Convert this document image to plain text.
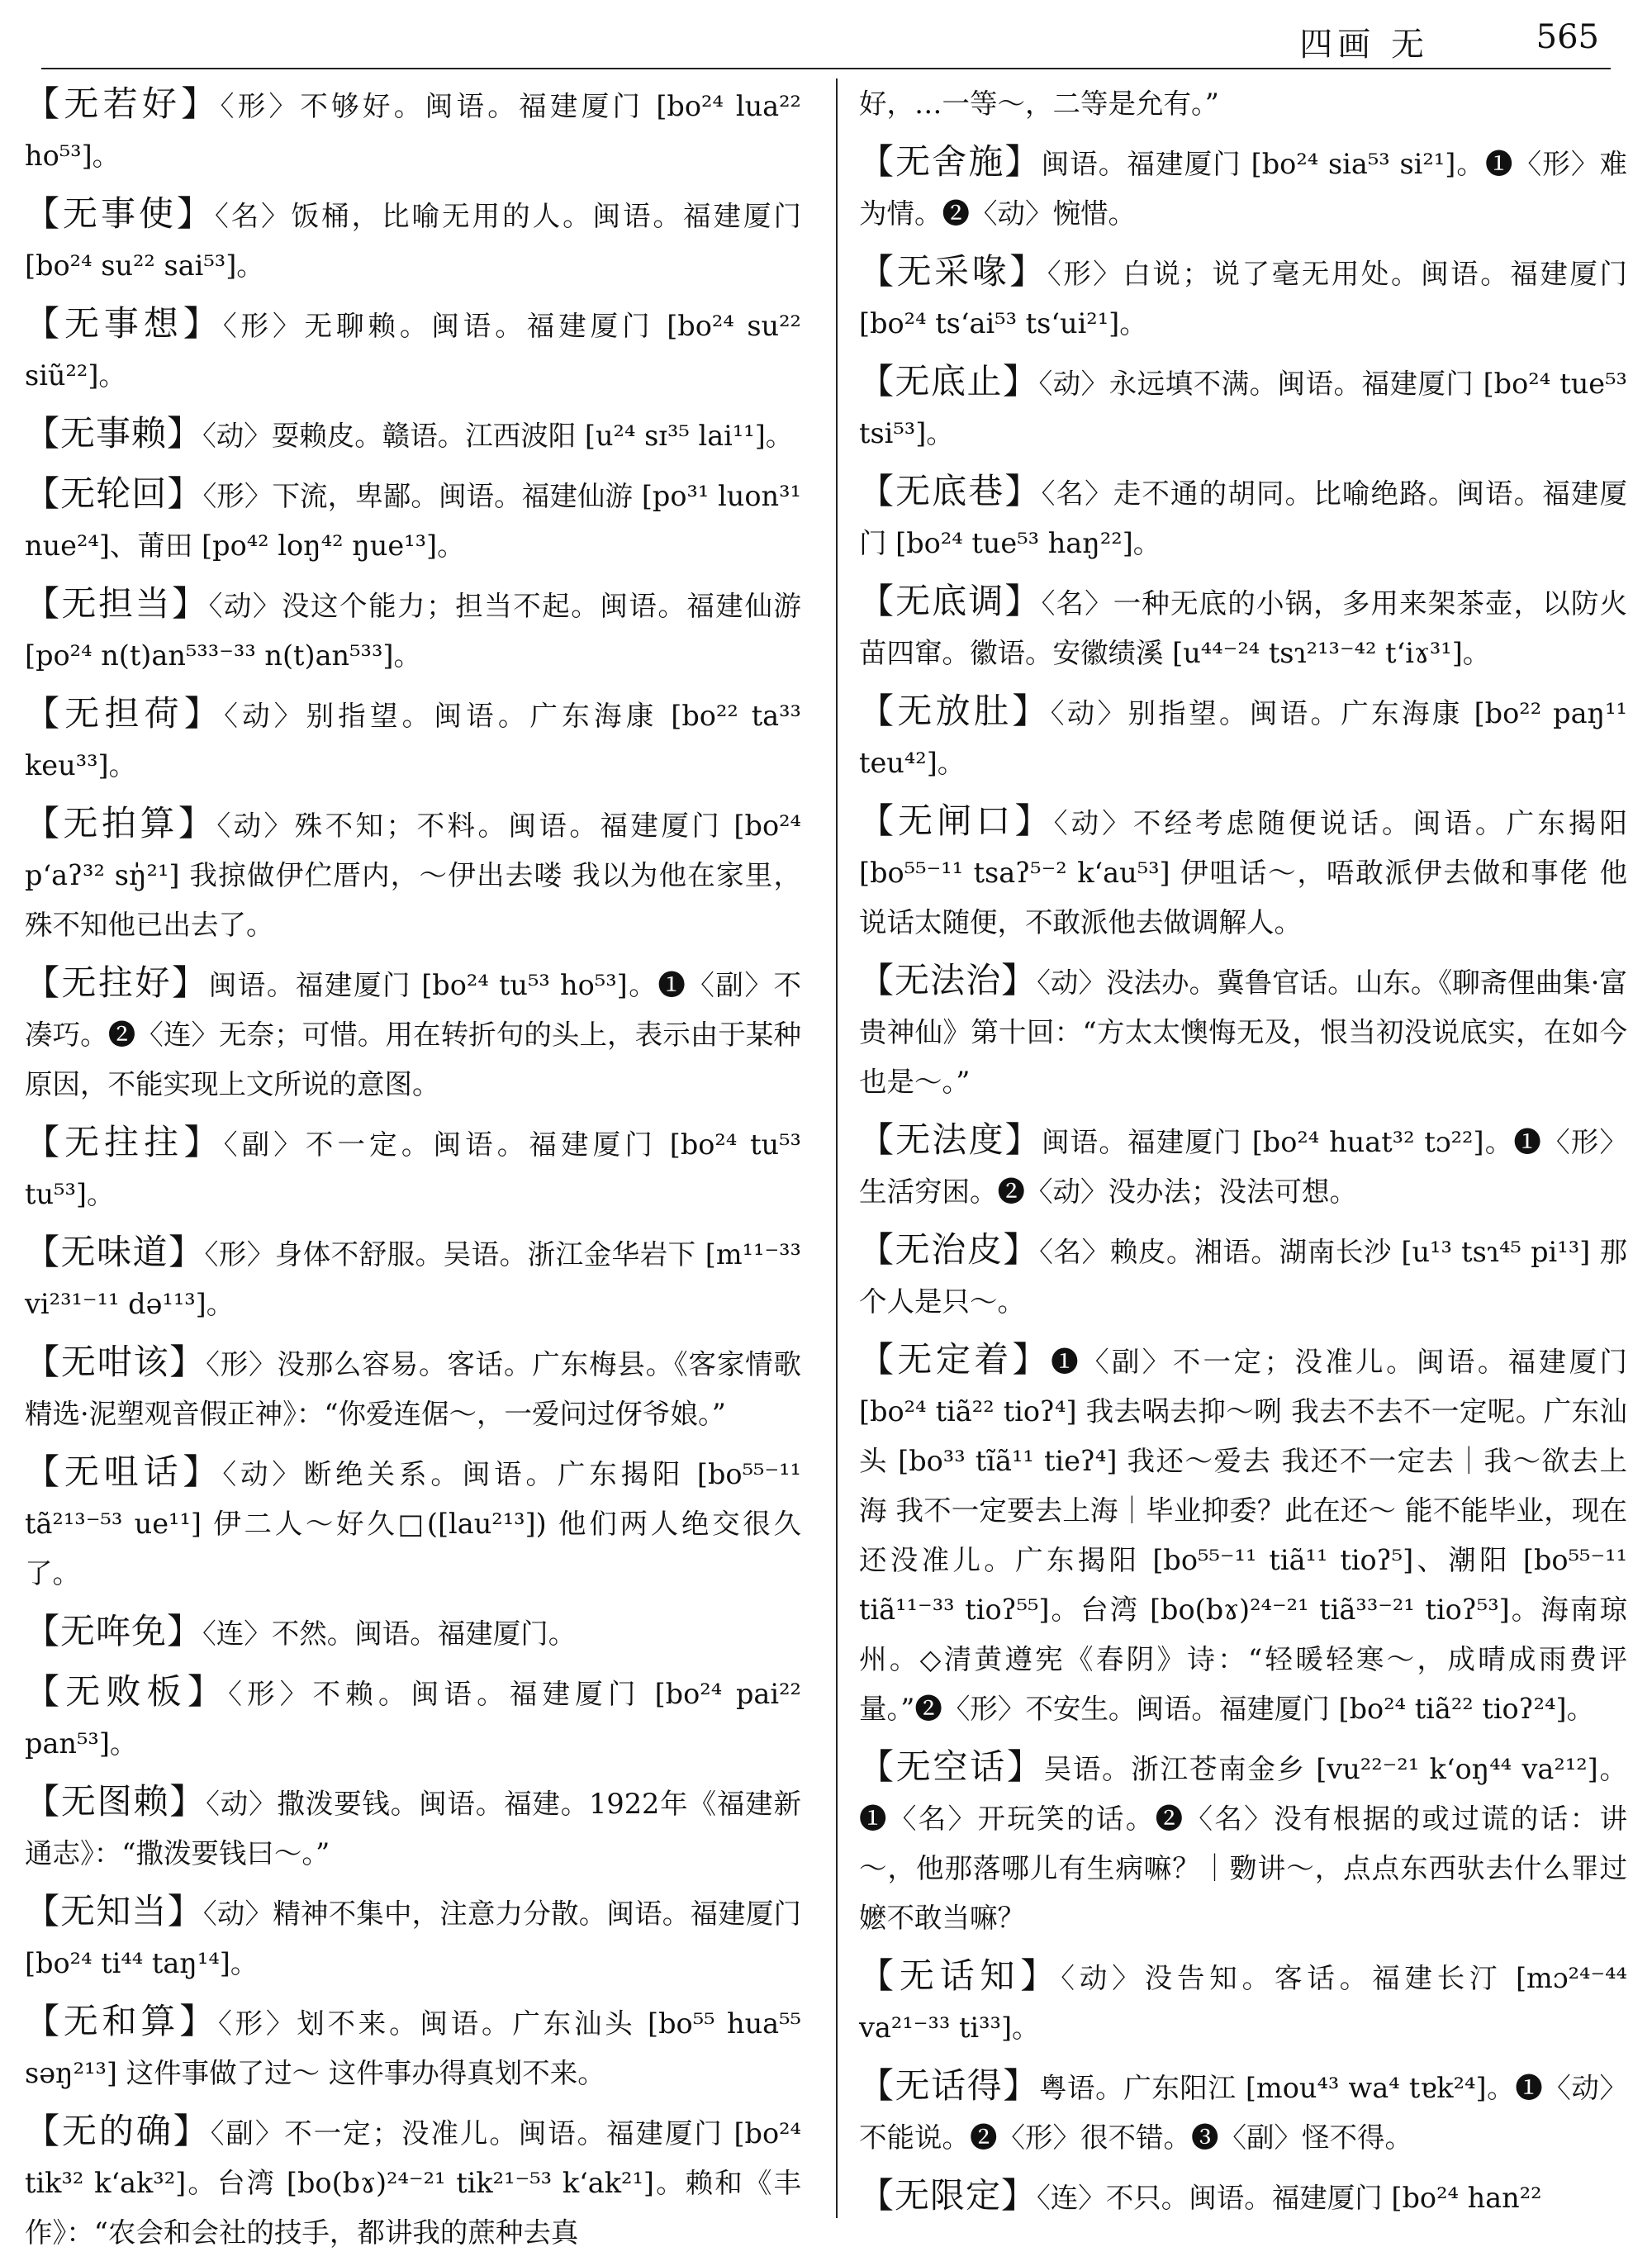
四画 无	565
【无若好】〈形〉不够好。闽语。福建厦门 [bo²⁴ lua²² ho⁵³]。
【无事使】〈名〉饭桶，比喻无用的人。闽语。福建厦门 [bo²⁴ su²² sai⁵³]。
【无事想】〈形〉无聊赖。闽语。福建厦门 [bo²⁴ su²² siũ²²]。
【无事赖】〈动〉耍赖皮。赣语。江西波阳 [u²⁴ sɪ³⁵ lai¹¹]。
【无轮回】〈形〉下流，卑鄙。闽语。福建仙游 [po³¹ luon³¹ nue²⁴]、莆田 [po⁴² loŋ⁴² ŋue¹³]。
【无担当】〈动〉没这个能力；担当不起。闽语。福建仙游 [po²⁴ n(t)an⁵³³⁻³³ n(t)an⁵³³]。
【无担荷】〈动〉别指望。闽语。广东海康 [bo²² ta³³ keu³³]。
【无拍算】〈动〉殊不知；不料。闽语。福建厦门 [bo²⁴ pʻaʔ³² sŋ̍²¹] 我掠做伊伫厝内，～伊出去喽 我以为他在家里，殊不知他已出去了。
【无拄好】闽语。福建厦门 [bo²⁴ tu⁵³ ho⁵³]。❶〈副〉不凑巧。❷〈连〉无奈；可惜。用在转折句的头上，表示由于某种原因，不能实现上文所说的意图。
【无拄拄】〈副〉不一定。闽语。福建厦门 [bo²⁴ tu⁵³ tu⁵³]。
【无味道】〈形〉身体不舒服。吴语。浙江金华岩下 [m¹¹⁻³³ vi²³¹⁻¹¹ də¹¹³]。
【无咁该】〈形〉没那么容易。客话。广东梅县。《客家情歌精选·泥塑观音假正神》：“你爱连倨～，一爱问过伢爷娘。”
【无咀话】〈动〉断绝关系。闽语。广东揭阳 [bo⁵⁵⁻¹¹ tã²¹³⁻⁵³ ue¹¹] 伊二人～好久□([lau²¹³]) 他们两人绝交很久了。
【无哖免】〈连〉不然。闽语。福建厦门。
【无败板】〈形〉不赖。闽语。福建厦门 [bo²⁴ pai²² pan⁵³]。
【无图赖】〈动〉撒泼要钱。闽语。福建。1922年《福建新通志》：“撒泼要钱曰～。”
【无知当】〈动〉精神不集中，注意力分散。闽语。福建厦门 [bo²⁴ ti⁴⁴ taŋ¹⁴]。
【无和算】〈形〉划不来。闽语。广东汕头 [bo⁵⁵ hua⁵⁵ səŋ²¹³] 这件事做了过～ 这件事办得真划不来。
【无的确】〈副〉不一定；没准儿。闽语。福建厦门 [bo²⁴ tik³² kʻak³²]。台湾 [bo(bɤ)²⁴⁻²¹ tik²¹⁻⁵³ kʻak²¹]。赖和《丰作》：“农会和会社的技手，都讲我的蔗种去真
好，…一等～，二等是允有。”
【无舍施】闽语。福建厦门 [bo²⁴ sia⁵³ si²¹]。❶〈形〉难为情。❷〈动〉惋惜。
【无采喙】〈形〉白说；说了毫无用处。闽语。福建厦门 [bo²⁴ tsʻai⁵³ tsʻui²¹]。
【无底止】〈动〉永远填不满。闽语。福建厦门 [bo²⁴ tue⁵³ tsi⁵³]。
【无底巷】〈名〉走不通的胡同。比喻绝路。闽语。福建厦门 [bo²⁴ tue⁵³ haŋ²²]。
【无底调】〈名〉一种无底的小锅，多用来架茶壶，以防火苗四窜。徽语。安徽绩溪 [u⁴⁴⁻²⁴ tsɿ²¹³⁻⁴² tʻiɤ³¹]。
【无放肚】〈动〉别指望。闽语。广东海康 [bo²² paŋ¹¹ teu⁴²]。
【无闸口】〈动〉不经考虑随便说话。闽语。广东揭阳 [bo⁵⁵⁻¹¹ tsaʔ⁵⁻² kʻau⁵³] 伊咀话～，唔敢派伊去做和事佬 他说话太随便，不敢派他去做调解人。
【无法治】〈动〉没法办。冀鲁官话。山东。《聊斋俚曲集·富贵神仙》第十回：“方太太懊悔无及，恨当初没说底实，在如今也是～。”
【无法度】闽语。福建厦门 [bo²⁴ huat³² tɔ²²]。❶〈形〉生活穷困。❷〈动〉没办法；没法可想。
【无治皮】〈名〉赖皮。湘语。湖南长沙 [u¹³ tsɿ⁴⁵ pi¹³] 那个人是只～。
【无定着】❶〈副〉不一定；没准儿。闽语。福建厦门 [bo²⁴ tiã²² tioʔ⁴] 我去㖞去抑～咧 我去不去不一定呢。广东汕头 [bo³³ tĩã¹¹ tieʔ⁴] 我还～爱去 我还不一定去｜我～欲去上海 我不一定要去上海｜毕业抑委？此在还～ 能不能毕业，现在还没准儿。广东揭阳 [bo⁵⁵⁻¹¹ tiã¹¹ tioʔ⁵]、潮阳 [bo⁵⁵⁻¹¹ tiã¹¹⁻³³ tioʔ⁵⁵]。台湾 [bo(bɤ)²⁴⁻²¹ tiã³³⁻²¹ tioʔ⁵³]。海南琼州。◇清黄遵宪《春阴》诗：“轻暖轻寒～，成晴成雨费评量。”❷〈形〉不安生。闽语。福建厦门 [bo²⁴ tiã²² tioʔ²⁴]。
【无空话】吴语。浙江苍南金乡 [vu²²⁻²¹ kʻoŋ⁴⁴ va²¹²]。❶〈名〉开玩笑的话。❷〈名〉没有根据的或过谎的话：讲～，他那落哪儿有生病嘛？｜覅讲～，点点东西驮去什么罪过嬷不敢当嘛？
【无话知】〈动〉没告知。客话。福建长汀 [mɔ²⁴⁻⁴⁴ va²¹⁻³³ ti³³]。
【无话得】粤语。广东阳江 [mou⁴³ wa⁴ tɐk²⁴]。❶〈动〉不能说。❷〈形〉很不错。❸〈副〉怪不得。
【无限定】〈连〉不只。闽语。福建厦门 [bo²⁴ han²²
